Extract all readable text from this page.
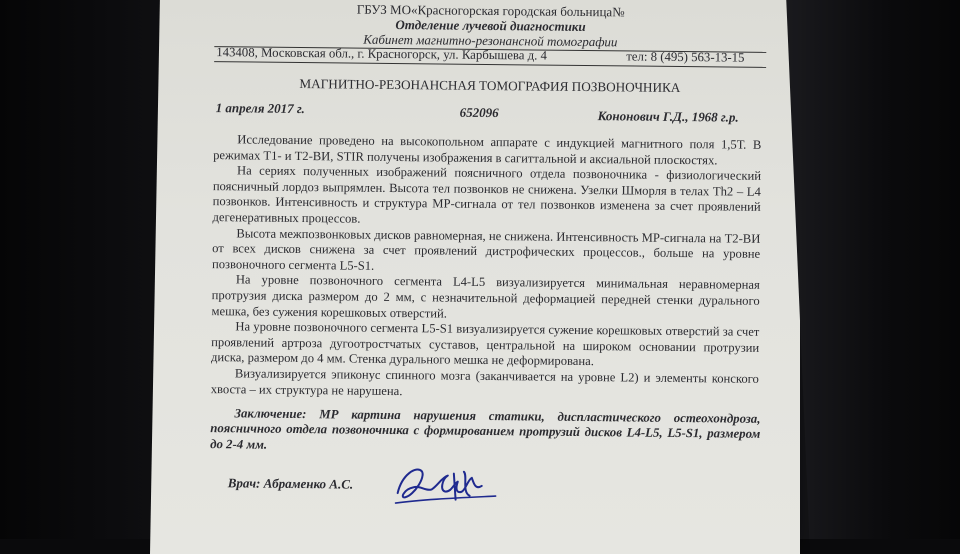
ГБУЗ МО«Красногорская городская больница№
Отделение лучевой диагностики
Кабинет магнитно-резонансной томографии
143408, Московская обл., г. Красногорск, ул. Карбышева д. 4	тел: 8 (495) 563-13-15
МАГНИТНО-РЕЗОНАНСНАЯ ТОМОГРАФИЯ ПОЗВОНОЧНИКА
1 апреля 2017 г.	652096	Кононович Г.Д., 1968 г.р.

Исследование проведено на высокопольном аппарате с индукцией магнитного поля 1,5Т. В режимах Т1- и Т2-ВИ, STIR получены изображения в сагиттальной и аксиальной плоскостях.

На сериях полученных изображений поясничного отдела позвоночника - физиологический поясничный лордоз выпрямлен. Высота тел позвонков не снижена. Узелки Шморля в телах Th2 – L4 позвонков. Интенсивность и структура МР-сигнала от тел позвонков изменена за счет проявлений дегенеративных процессов.

Высота межпозвонковых дисков равномерная, не снижена. Интенсивность МР-сигнала на Т2-ВИ от всех дисков снижена за счет проявлений дистрофических процессов., больше на уровне позвоночного сегмента L5-S1.

На уровне позвоночного сегмента L4-L5 визуализируется минимальная неравномерная протрузия диска размером до 2 мм, с незначительной деформацией передней стенки дурального мешка, без сужения корешковых отверстий.

На уровне позвоночного сегмента L5-S1 визуализируется сужение корешковых отверстий за счет проявлений артроза дугоотростчатых суставов, центральной на широком основании протрузии диска, размером до 4 мм. Стенка дурального мешка не деформирована.

Визуализируется эпиконус спинного мозга (заканчивается на уровне L2) и элементы конского хвоста – их структура не нарушена.

Заключение: МР картина нарушения статики, диспластического остеохондроза, поясничного отдела позвоночника с формированием протрузий дисков L4-L5, L5-S1, размером до 2-4 мм.
Врач: Абраменко А.С.
